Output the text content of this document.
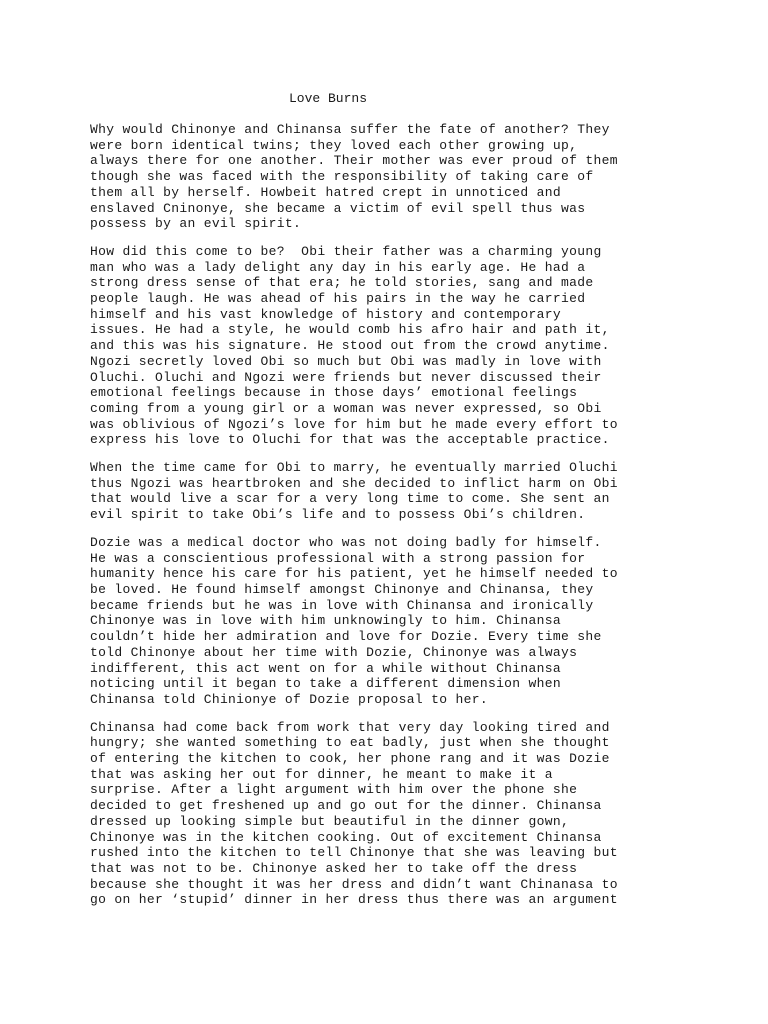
Love Burns

Why would Chinonye and Chinansa suffer the fate of another? They
were born identical twins; they loved each other growing up,
always there for one another. Their mother was ever proud of them
though she was faced with the responsibility of taking care of
them all by herself. Howbeit hatred crept in unnoticed and
enslaved Cninonye, she became a victim of evil spell thus was
possess by an evil spirit.

How did this come to be?  Obi their father was a charming young
man who was a lady delight any day in his early age. He had a
strong dress sense of that era; he told stories, sang and made
people laugh. He was ahead of his pairs in the way he carried
himself and his vast knowledge of history and contemporary
issues. He had a style, he would comb his afro hair and path it,
and this was his signature. He stood out from the crowd anytime.
Ngozi secretly loved Obi so much but Obi was madly in love with
Oluchi. Oluchi and Ngozi were friends but never discussed their
emotional feelings because in those days’ emotional feelings
coming from a young girl or a woman was never expressed, so Obi
was oblivious of Ngozi’s love for him but he made every effort to
express his love to Oluchi for that was the acceptable practice.

When the time came for Obi to marry, he eventually married Oluchi
thus Ngozi was heartbroken and she decided to inflict harm on Obi
that would live a scar for a very long time to come. She sent an
evil spirit to take Obi’s life and to possess Obi’s children.

Dozie was a medical doctor who was not doing badly for himself.
He was a conscientious professional with a strong passion for
humanity hence his care for his patient, yet he himself needed to
be loved. He found himself amongst Chinonye and Chinansa, they
became friends but he was in love with Chinansa and ironically
Chinonye was in love with him unknowingly to him. Chinansa
couldn’t hide her admiration and love for Dozie. Every time she
told Chinonye about her time with Dozie, Chinonye was always
indifferent, this act went on for a while without Chinansa
noticing until it began to take a different dimension when
Chinansa told Chinionye of Dozie proposal to her.

Chinansa had come back from work that very day looking tired and
hungry; she wanted something to eat badly, just when she thought
of entering the kitchen to cook, her phone rang and it was Dozie
that was asking her out for dinner, he meant to make it a
surprise. After a light argument with him over the phone she
decided to get freshened up and go out for the dinner. Chinansa
dressed up looking simple but beautiful in the dinner gown,
Chinonye was in the kitchen cooking. Out of excitement Chinansa
rushed into the kitchen to tell Chinonye that she was leaving but
that was not to be. Chinonye asked her to take off the dress
because she thought it was her dress and didn’t want Chinanasa to
go on her ‘stupid’ dinner in her dress thus there was an argument
